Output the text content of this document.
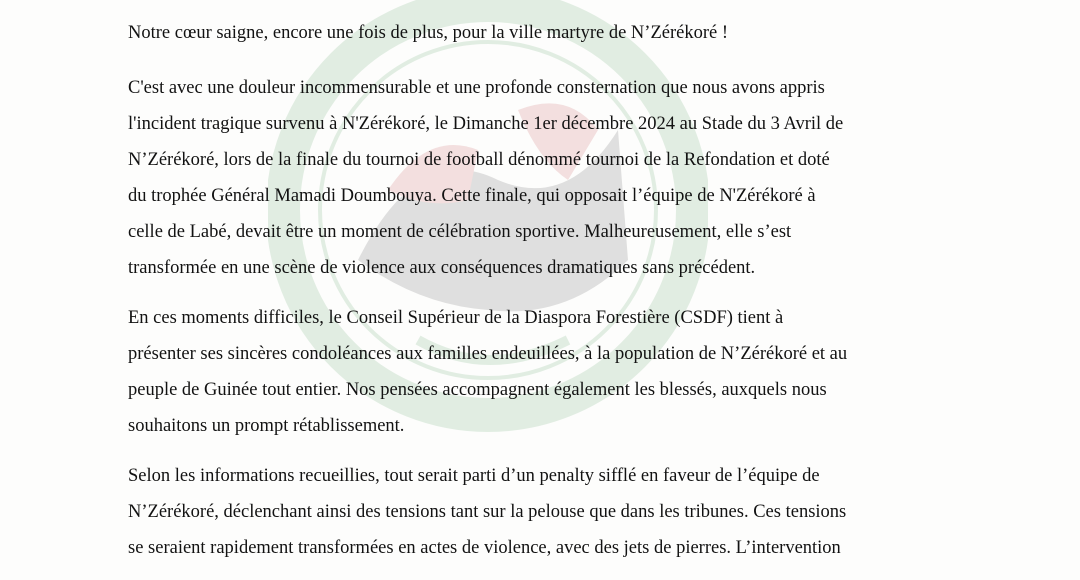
Notre cœur saigne, encore une fois de plus, pour la ville martyre de N’Zérékoré !

C'est avec une douleur incommensurable et une profonde consternation que nous avons appris
l'incident tragique survenu à N'Zérékoré, le Dimanche 1er décembre 2024 au Stade du 3 Avril de
N’Zérékoré, lors de la finale du tournoi de football dénommé tournoi de la Refondation et doté
du trophée Général Mamadi Doumbouya. Cette finale, qui opposait l’équipe de N'Zérékoré à
celle de Labé, devait être un moment de célébration sportive. Malheureusement, elle s’est
transformée en une scène de violence aux conséquences dramatiques sans précédent.

En ces moments difficiles, le Conseil Supérieur de la Diaspora Forestière (CSDF) tient à
présenter ses sincères condoléances aux familles endeuillées, à la population de N’Zérékoré et au
peuple de Guinée tout entier. Nos pensées accompagnent également les blessés, auxquels nous
souhaitons un prompt rétablissement.

Selon les informations recueillies, tout serait parti d’un penalty sifflé en faveur de l’équipe de
N’Zérékoré, déclenchant ainsi des tensions tant sur la pelouse que dans les tribunes. Ces tensions
se seraient rapidement transformées en actes de violence, avec des jets de pierres. L’intervention
